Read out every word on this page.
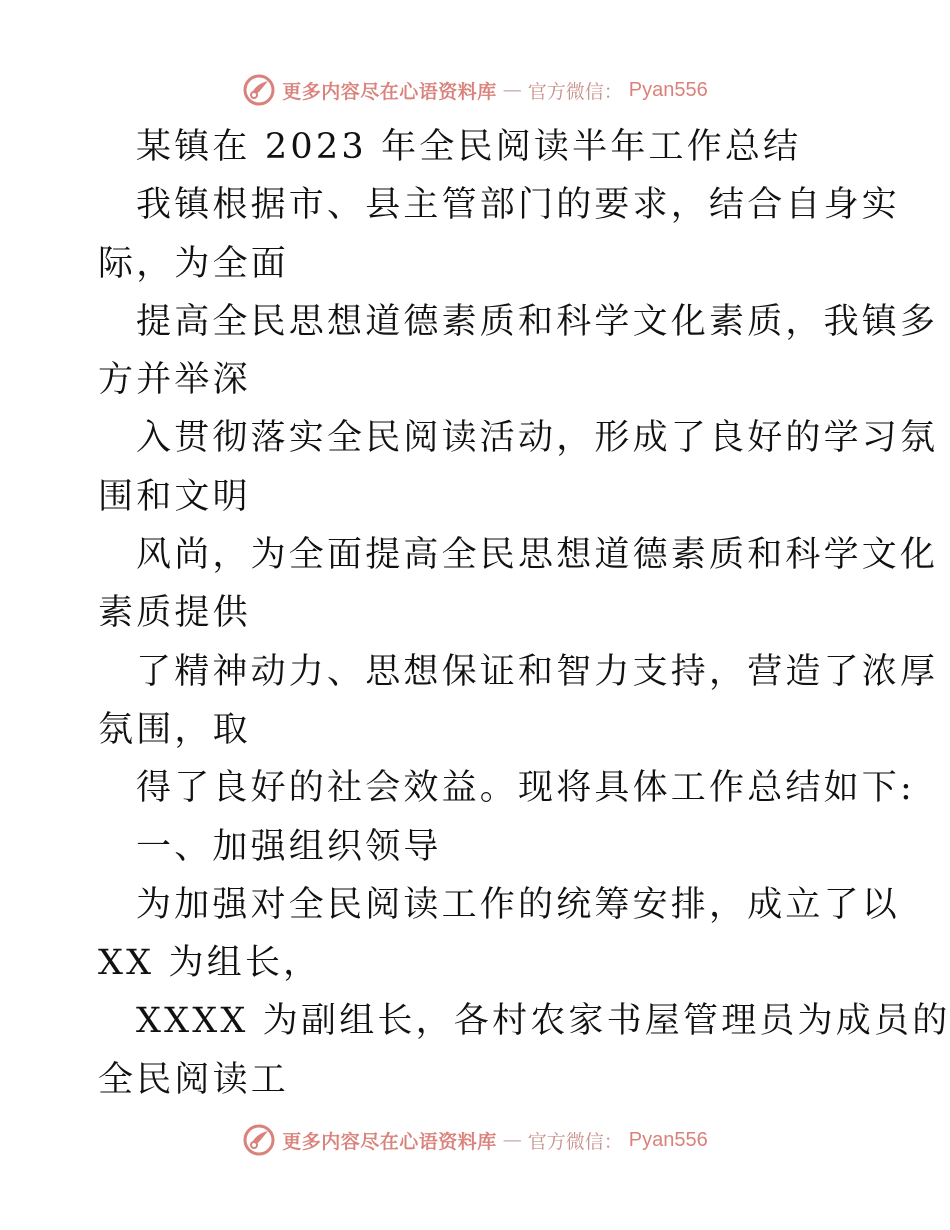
更多内容尽在心语资料库 — 官方微信： Pyan556
某镇在 2023 年全民阅读半年工作总结
我镇根据市、县主管部门的要求，结合自身实
际，为全面
提高全民思想道德素质和科学文化素质，我镇多
方并举深
入贯彻落实全民阅读活动，形成了良好的学习氛
围和文明
风尚，为全面提高全民思想道德素质和科学文化
素质提供
了精神动力、思想保证和智力支持，营造了浓厚
氛围，取
得了良好的社会效益。现将具体工作总结如下:
一、加强组织领导
为加强对全民阅读工作的统筹安排，成立了以
XX 为组长，
XXXX 为副组长，各村农家书屋管理员为成员的
全民阅读工
更多内容尽在心语资料库 — 官方微信： Pyan556
